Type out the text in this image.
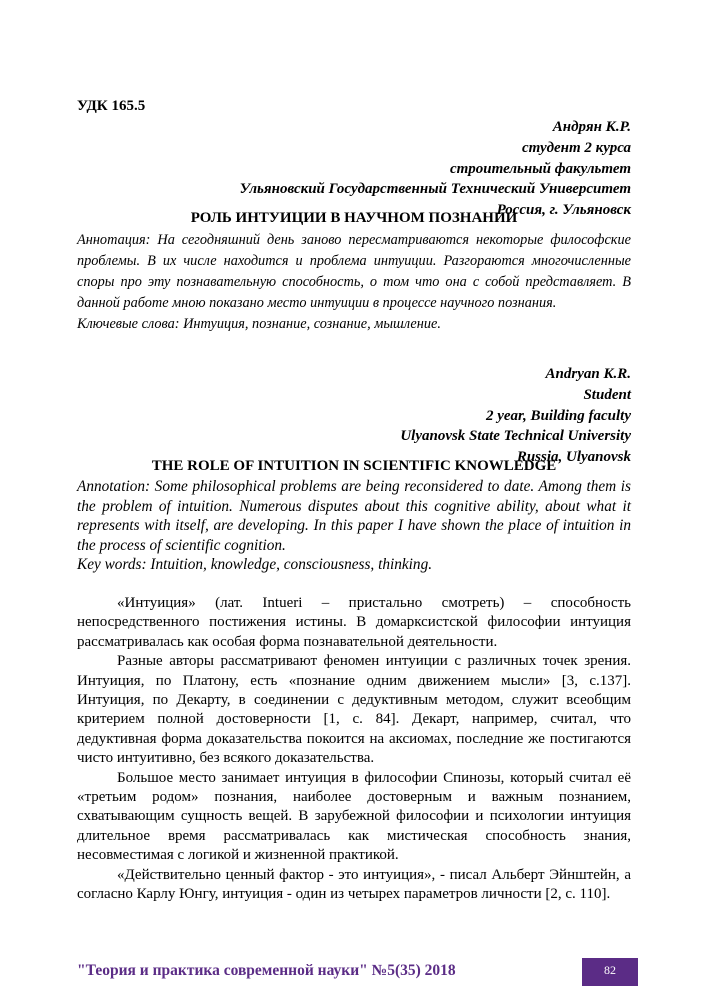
УДК 165.5
Андрян К.Р.
студент 2 курса
строительный факультет
Ульяновский Государственный Технический Университет
Россия, г. Ульяновск
РОЛЬ ИНТУИЦИИ В НАУЧНОМ ПОЗНАНИИ

Аннотация: На сегодняшний день заново пересматриваются некоторые философские проблемы. В их числе находится и проблема интуиции. Разгораются многочисленные споры про эту познавательную способность, о том что она с собой представляет. В данной работе мною показано место интуиции в процессе научного познания.

Ключевые слова: Интуиция, познание, сознание, мышление.

Andryan K.R.
Student
2 year, Building faculty
Ulyanovsk State Technical University
Russia, Ulyanovsk
THE ROLE OF INTUITION IN SCIENTIFIC KNOWLEDGE

Annotation: Some philosophical problems are being reconsidered to date. Among them is the problem of intuition. Numerous disputes about this cognitive ability, about what it represents with itself, are developing. In this paper I have shown the place of intuition in the process of scientific cognition.

Key words: Intuition, knowledge, consciousness, thinking.

«Интуиция» (лат. Intueri – пристально смотреть) – способность непосредственного постижения истины. В домарксистской философии интуиция рассматривалась как особая форма познавательной деятельности.

Разные авторы рассматривают феномен интуиции с различных точек зрения. Интуиция, по Платону, есть «познание одним движением мысли» [3, с.137]. Интуиция, по Декарту, в соединении с дедуктивным методом, служит всеобщим критерием полной достоверности [1, с. 84]. Декарт, например, считал, что дедуктивная форма доказательства покоится на аксиомах, последние же постигаются чисто интуитивно, без всякого доказательства.

Большое место занимает интуиция в философии Спинозы, который считал её «третьим родом» познания, наиболее достоверным и важным познанием, схватывающим сущность вещей. В зарубежной философии и психологии интуиция длительное время рассматривалась как мистическая способность знания, несовместимая с логикой и жизненной практикой.

«Действительно ценный фактор - это интуиция», - писал Альберт Эйнштейн, а согласно Карлу Юнгу, интуиция - один из четырех параметров личности [2, с. 110].

"Теория и практика современной науки" №5(35) 2018	82
